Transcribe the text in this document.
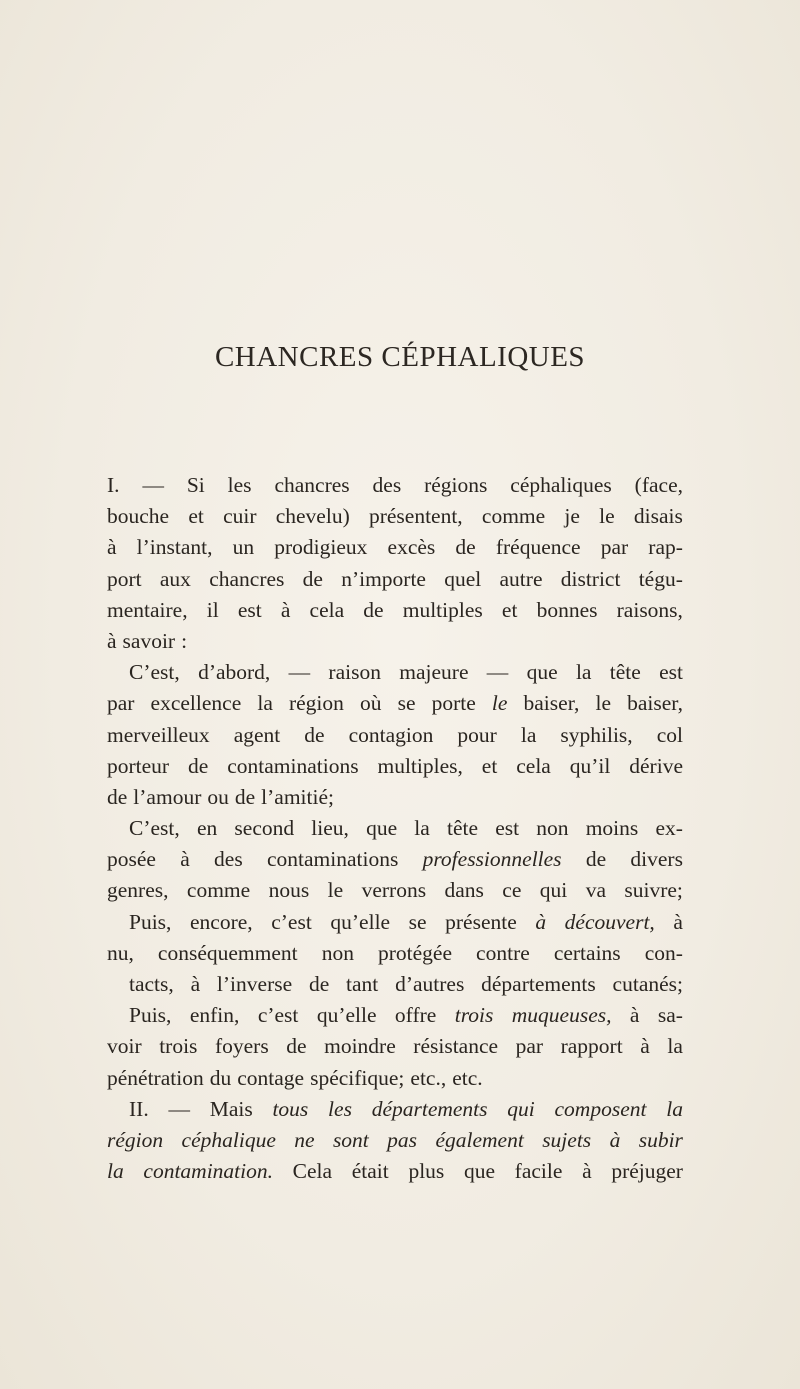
CHANCRES CÉPHALIQUES
I. — Si les chancres des régions céphaliques (face,
bouche et cuir chevelu) présentent, comme je le disais
à l’instant, un prodigieux excès de fréquence par rap-
port aux chancres de n’importe quel autre district tégu-
mentaire, il est à cela de multiples et bonnes raisons,
à savoir :
C’est, d’abord, — raison majeure — que la tête est
par excellence la région où se porte le baiser, le baiser,
merveilleux agent de contagion pour la syphilis, col
porteur de contaminations multiples, et cela qu’il dérive
de l’amour ou de l’amitié;
C’est, en second lieu, que la tête est non moins ex-
posée à des contaminations professionnelles de divers
genres, comme nous le verrons dans ce qui va suivre;
Puis, encore, c’est qu’elle se présente à découvert, à
nu, conséquemment non protégée contre certains con-
tacts, à l’inverse de tant d’autres départements cutanés;
Puis, enfin, c’est qu’elle offre trois muqueuses, à sa-
voir trois foyers de moindre résistance par rapport à la
pénétration du contage spécifique; etc., etc.
II. — Mais tous les départements qui composent la
région céphalique ne sont pas également sujets à subir
la contamination. Cela était plus que facile à préjuger
